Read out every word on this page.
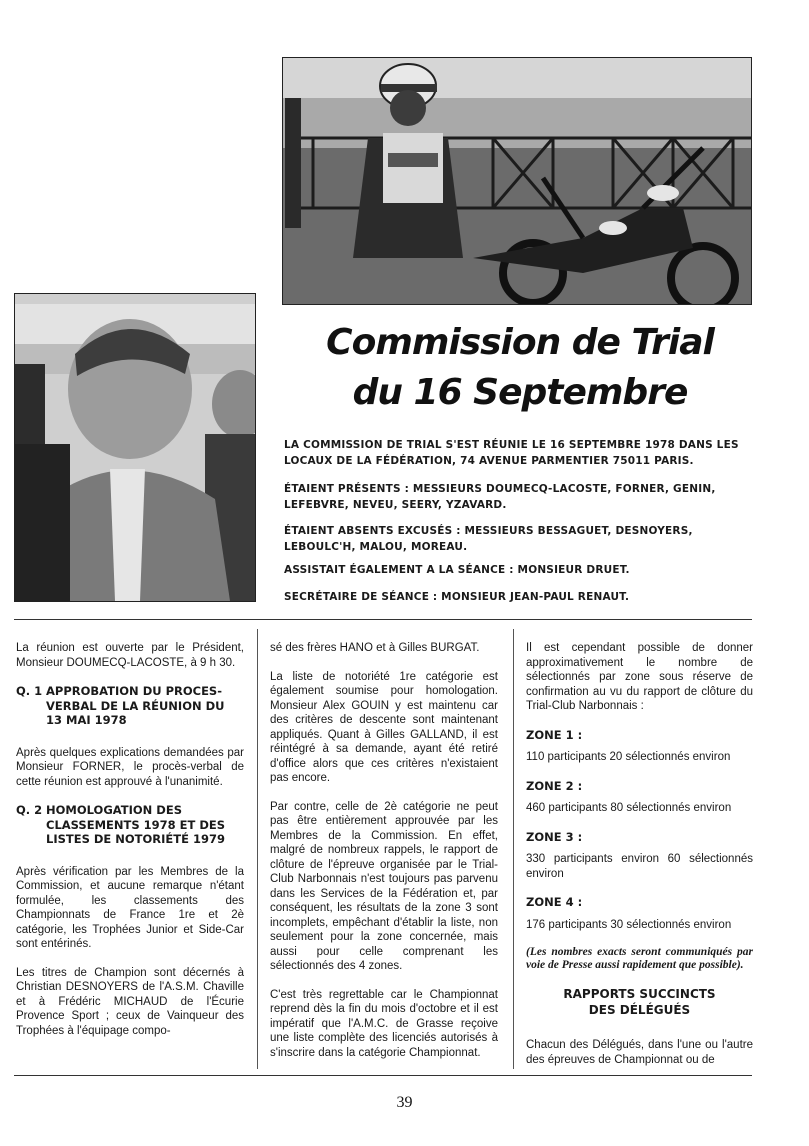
Commission de Trial
du 16 Septembre

LA COMMISSION DE TRIAL S'EST RÉUNIE LE 16 SEPTEMBRE 1978 DANS LES LOCAUX DE LA FÉDÉRATION, 74 AVENUE PARMENTIER 75011 PARIS.

ÉTAIENT PRÉSENTS : MESSIEURS DOUMECQ-LACOSTE, FORNER, GENIN, LEFEBVRE, NEVEU, SEERY, YZAVARD.

ÉTAIENT ABSENTS EXCUSÉS : MESSIEURS BESSAGUET, DESNOYERS, LEBOULC'H, MALOU, MOREAU.

ASSISTAIT ÉGALEMENT A LA SÉANCE : MONSIEUR DRUET.

SECRÉTAIRE DE SÉANCE : MONSIEUR JEAN-PAUL RENAUT.

La réunion est ouverte par le Président, Monsieur DOUMECQ-LACOSTE, à 9 h 30.

Q. 1 APPROBATION DU PROCES-VERBAL DE LA RÉUNION DU 13 MAI 1978

Après quelques explications demandées par Monsieur FORNER, le procès-verbal de cette réunion est approuvé à l'unanimité.

Q. 2 HOMOLOGATION DES CLASSEMENTS 1978 ET DES LISTES DE NOTORIÉTÉ 1979

Après vérification par les Membres de la Commission, et aucune remarque n'étant formulée, les classements des Championnats de France 1re et 2è catégorie, les Trophées Junior et Side-Car sont entérinés.

Les titres de Champion sont décernés à Christian DESNOYERS de l'A.S.M. Chaville et à Frédéric MICHAUD de l'Écurie Provence Sport ; ceux de Vainqueur des Trophées à l'équipage compo-

sé des frères HANO et à Gilles BURGAT.

La liste de notoriété 1re catégorie est également soumise pour homologation. Monsieur Alex GOUIN y est maintenu car des critères de descente sont maintenant appliqués. Quant à Gilles GALLAND, il est réintégré à sa demande, ayant été retiré d'office alors que ces critères n'existaient pas encore.

Par contre, celle de 2è catégorie ne peut pas être entièrement approuvée par les Membres de la Commission. En effet, malgré de nombreux rappels, le rapport de clôture de l'épreuve organisée par le Trial-Club Narbonnais n'est toujours pas parvenu dans les Services de la Fédération et, par conséquent, les résultats de la zone 3 sont incomplets, empêchant d'établir la liste, non seulement pour la zone concernée, mais aussi pour celle comprenant les sélectionnés des 4 zones.

C'est très regrettable car le Championnat reprend dès la fin du mois d'octobre et il est impératif que l'A.M.C. de Grasse reçoive une liste complète des licenciés autorisés à s'inscrire dans la catégorie Championnat.

Il est cependant possible de donner approximativement le nombre de sélectionnés par zone sous réserve de confirmation au vu du rapport de clôture du Trial-Club Narbonnais :

ZONE 1 :

110 participants 20 sélectionnés environ

ZONE 2 :

460 participants 80 sélectionnés environ

ZONE 3 :

330 participants environ 60 sélectionnés environ

ZONE 4 :

176 participants 30 sélectionnés environ

(Les nombres exacts seront communiqués par voie de Presse aussi rapidement que possible).

RAPPORTS SUCCINCTS
DES DÉLÉGUÉS

Chacun des Délégués, dans l'une ou l'autre des épreuves de Championnat ou de

39
